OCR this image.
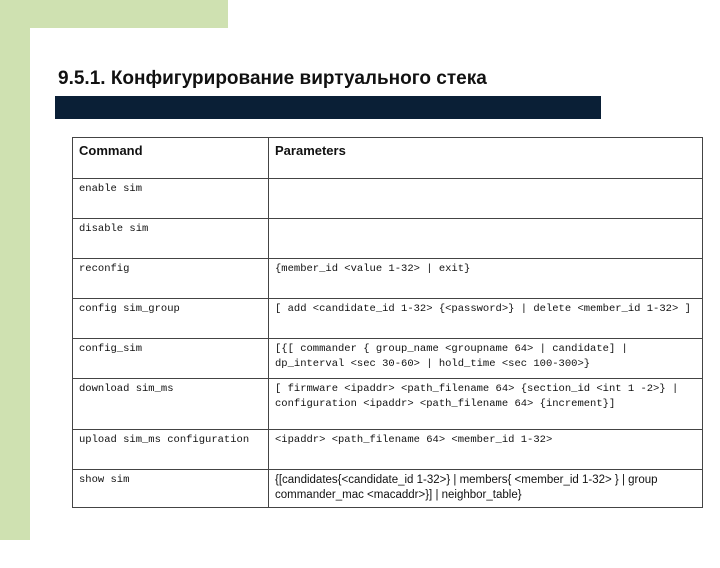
9.5.1. Конфигурирование виртуального стека
Command	Parameters
enable sim	
disable sim	
reconfig	{member_id <value 1-32> | exit}
config sim_group	[ add <candidate_id 1-32> {<password>} | delete <member_id 1-32> ]
config_sim	[{[ commander { group_name <groupname 64> | candidate] | dp_interval <sec 30-60> | hold_time <sec 100-300>}
download sim_ms	[ firmware <ipaddr> <path_filename 64> {section_id <int 1 -2>} | configuration <ipaddr> <path_filename 64> {increment}]
upload sim_ms configuration	<ipaddr> <path_filename 64> <member_id 1-32>
show sim	{[candidates{<candidate_id 1-32>} | members{ <member_id 1-32> } | group commander_mac <macaddr>}] | neighbor_table}
